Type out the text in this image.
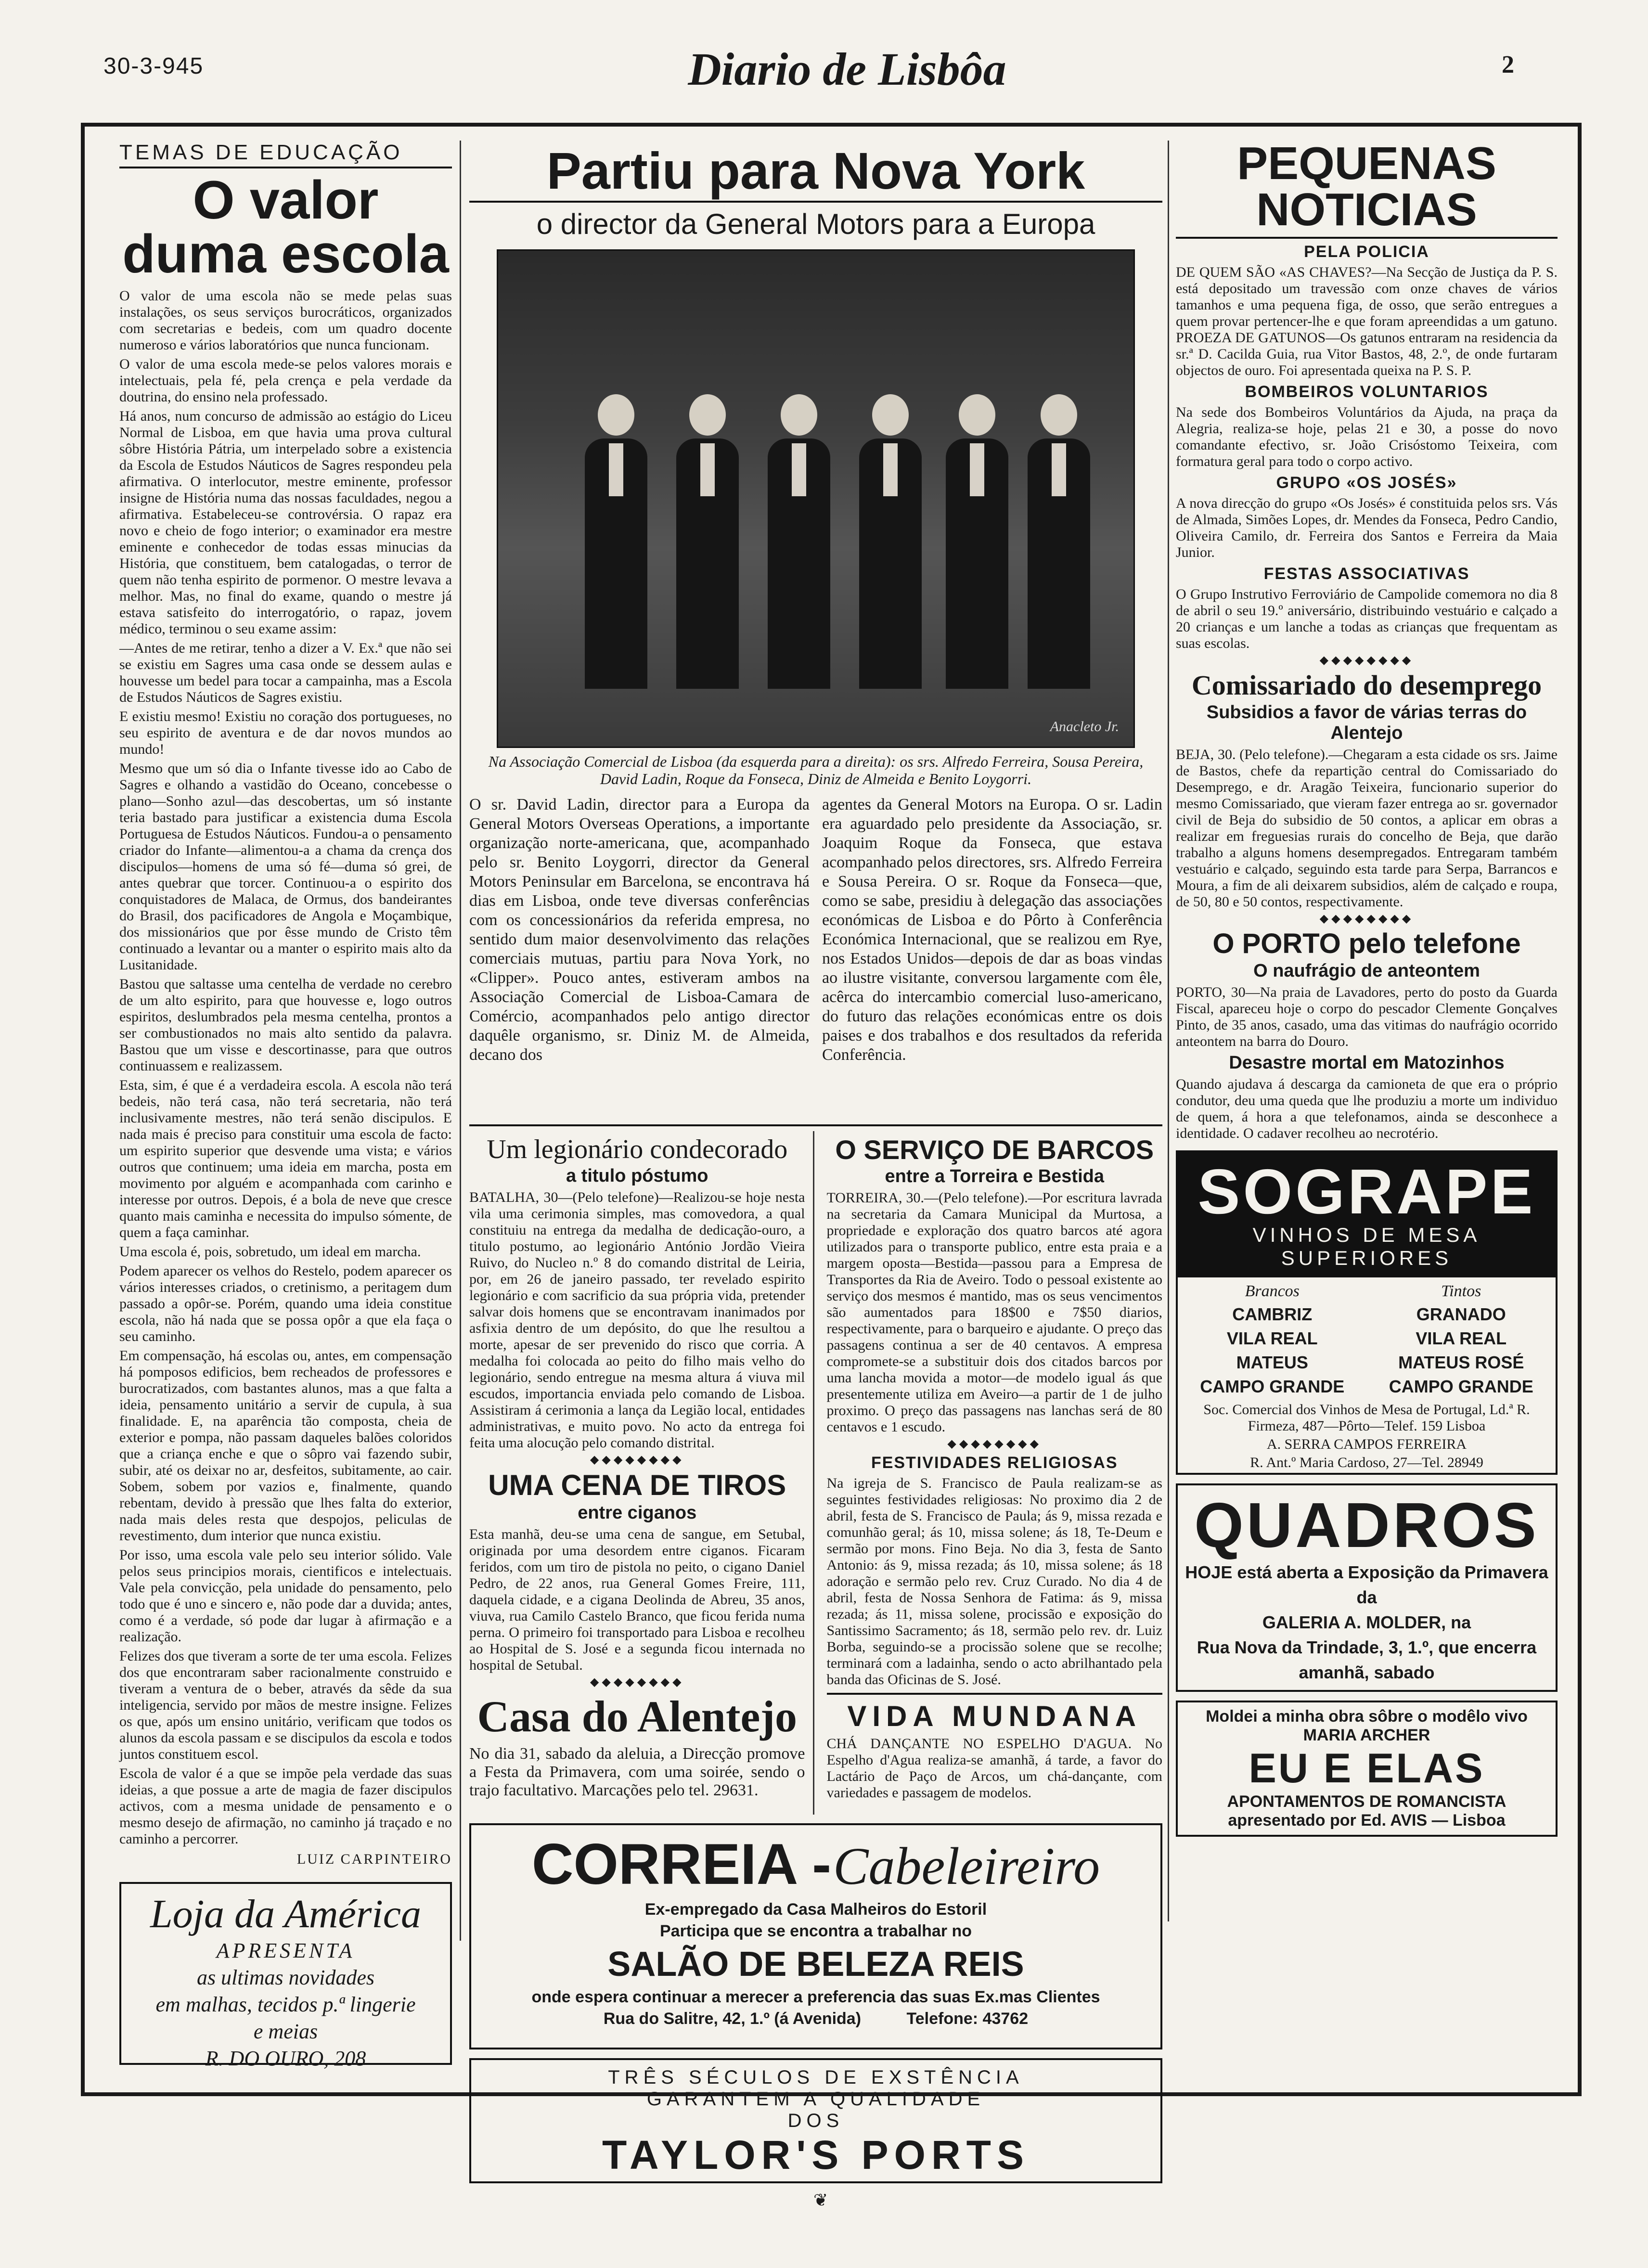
30-3-945	Diario de Lisbôa	2
TEMAS DE EDUCAÇÃO
O valor duma escola

O valor de uma escola não se mede pelas suas instalações, os seus serviços burocráticos, organizados com secretarias e bedeis, com um quadro docente numeroso e vários laboratórios que nunca funcionam.

O valor de uma escola mede-se pelos valores morais e intelectuais, pela fé, pela crença e pela verdade da doutrina, do ensino nela professado.

Há anos, num concurso de admissão ao estágio do Liceu Normal de Lisboa, em que havia uma prova cultural sôbre História Pátria, um interpelado sobre a existencia da Escola de Estudos Náuticos de Sagres respondeu pela afirmativa. O interlocutor, mestre eminente, professor insigne de História numa das nossas faculdades, negou a afirmativa. Estabeleceu-se controvérsia. O rapaz era novo e cheio de fogo interior; o examinador era mestre eminente e conhecedor de todas essas minucias da História, que constituem, bem catalogadas, o terror de quem não tenha espirito de pormenor. O mestre levava a melhor. Mas, no final do exame, quando o mestre já estava satisfeito do interrogatório, o rapaz, jovem médico, terminou o seu exame assim:

—Antes de me retirar, tenho a dizer a V. Ex.ª que não sei se existiu em Sagres uma casa onde se dessem aulas e houvesse um bedel para tocar a campainha, mas a Escola de Estudos Náuticos de Sagres existiu.

E existiu mesmo! Existiu no coração dos portugueses, no seu espirito de aventura e de dar novos mundos ao mundo!

Mesmo que um só dia o Infante tivesse ido ao Cabo de Sagres e olhando a vastidão do Oceano, concebesse o plano—Sonho azul—das descobertas, um só instante teria bastado para justificar a existencia duma Escola Portuguesa de Estudos Náuticos. Fundou-a o pensamento criador do Infante—alimentou-a a chama da crença dos discipulos—homens de uma só fé—duma só grei, de antes quebrar que torcer. Continuou-a o espirito dos conquistadores de Malaca, de Ormus, dos bandeirantes do Brasil, dos pacificadores de Angola e Moçambique, dos missionários que por êsse mundo de Cristo têm continuado a levantar ou a manter o espirito mais alto da Lusitanidade.

Bastou que saltasse uma centelha de verdade no cerebro de um alto espirito, para que houvesse e, logo outros espiritos, deslumbrados pela mesma centelha, prontos a ser combustionados no mais alto sentido da palavra. Bastou que um visse e descortinasse, para que outros continuassem e realizassem.

Esta, sim, é que é a verdadeira escola. A escola não terá bedeis, não terá casa, não terá secretaria, não terá inclusivamente mestres, não terá senão discipulos. E nada mais é preciso para constituir uma escola de facto: um espirito superior que desvende uma vista; e vários outros que continuem; uma ideia em marcha, posta em movimento por alguém e acompanhada com carinho e interesse por outros. Depois, é a bola de neve que cresce quanto mais caminha e necessita do impulso sómente, de quem a faça caminhar.

Uma escola é, pois, sobretudo, um ideal em marcha.

Podem aparecer os velhos do Restelo, podem aparecer os vários interesses criados, o cretinismo, a peritagem dum passado a opôr-se. Porém, quando uma ideia constitue escola, não há nada que se possa opôr a que ela faça o seu caminho.

Em compensação, há escolas ou, antes, em compensação há pomposos edificios, bem recheados de professores e burocratizados, com bastantes alunos, mas a que falta a ideia, pensamento unitário a servir de cupula, à sua finalidade. E, na aparência tão composta, cheia de exterior e pompa, não passam daqueles balões coloridos que a criança enche e que o sôpro vai fazendo subir, subir, até os deixar no ar, desfeitos, subitamente, ao cair. Sobem, sobem por vazios e, finalmente, quando rebentam, devido à pressão que lhes falta do exterior, nada mais deles resta que despojos, peliculas de revestimento, dum interior que nunca existiu.

Por isso, uma escola vale pelo seu interior sólido. Vale pelos seus principios morais, cientificos e intelectuais. Vale pela convicção, pela unidade do pensamento, pelo todo que é uno e sincero e, não pode dar a duvida; antes, como é a verdade, só pode dar lugar à afirmação e a realização.

Felizes dos que tiveram a sorte de ter uma escola. Felizes dos que encontraram saber racionalmente construido e tiveram a ventura de o beber, através da sêde da sua inteligencia, servido por mãos de mestre insigne. Felizes os que, após um ensino unitário, verificam que todos os alunos da escola passam e se discipulos da escola e todos juntos constituem escol.

Escola de valor é a que se impõe pela verdade das suas ideias, a que possue a arte de magia de fazer discipulos activos, com a mesma unidade de pensamento e o mesmo desejo de afirmação, no caminho já traçado e no caminho a percorrer.

LUIZ CARPINTEIRO
Loja da América
APRESENTA
as ultimas novidades
em malhas, tecidos p.ª lingerie
e meias
R. DO OURO, 208
Partiu para Nova York
o director da General Motors para a Europa
Anacleto Jr.
Na Associação Comercial de Lisboa (da esquerda para a direita): os srs. Alfredo Ferreira, Sousa Pereira, David Ladin, Roque da Fonseca, Diniz de Almeida e Benito Loygorri.

O sr. David Ladin, director para a Europa da General Motors Overseas Operations, a importante organização norte-americana, que, acompanhado pelo sr. Benito Loygorri, director da General Motors Peninsular em Barcelona, se encontrava há dias em Lisboa, onde teve diversas conferências com os concessionários da referida empresa, no sentido dum maior desenvolvimento das relações comerciais mutuas, partiu para Nova York, no «Clipper». Pouco antes, estiveram ambos na Associação Comercial de Lisboa-Camara de Comércio, acompanhados pelo antigo director daquêle organismo, sr. Diniz M. de Almeida, decano dos

agentes da General Motors na Europa. O sr. Ladin era aguardado pelo presidente da Associação, sr. Joaquim Roque da Fonseca, que estava acompanhado pelos directores, srs. Alfredo Ferreira e Sousa Pereira. O sr. Roque da Fonseca—que, como se sabe, presidiu à delegação das associações económicas de Lisboa e do Pôrto à Conferência Económica Internacional, que se realizou em Rye, nos Estados Unidos—depois de dar as boas vindas ao ilustre visitante, conversou largamente com êle, acêrca do intercambio comercial luso-americano, do futuro das relações económicas entre os dois paises e dos trabalhos e dos resultados da referida Conferência.

Um legionário condecorado
a titulo póstumo

BATALHA, 30—(Pelo telefone)—Realizou-se hoje nesta vila uma cerimonia simples, mas comovedora, a qual constituiu na entrega da medalha de dedicação-ouro, a titulo postumo, ao legionário António Jordão Vieira Ruivo, do Nucleo n.º 8 do comando distrital de Leiria, por, em 26 de janeiro passado, ter revelado espirito legionário e com sacrificio da sua própria vida, pretender salvar dois homens que se encontravam inanimados por asfixia dentro de um depósito, do que lhe resultou a morte, apesar de ser prevenido do risco que corria. A medalha foi colocada ao peito do filho mais velho do legionário, sendo entregue na mesma altura á viuva mil escudos, importancia enviada pelo comando de Lisboa. Assistiram á cerimonia a lança da Legião local, entidades administrativas, e muito povo. No acto da entrega foi feita uma alocução pelo comando distrital.

◆◆◆◆◆◆◆◆
UMA CENA DE TIROS
entre ciganos

Esta manhã, deu-se uma cena de sangue, em Setubal, originada por uma desordem entre ciganos. Ficaram feridos, com um tiro de pistola no peito, o cigano Daniel Pedro, de 22 anos, rua General Gomes Freire, 111, daquela cidade, e a cigana Deolinda de Abreu, 35 anos, viuva, rua Camilo Castelo Branco, que ficou ferida numa perna. O primeiro foi transportado para Lisboa e recolheu ao Hospital de S. José e a segunda ficou internada no hospital de Setubal.

◆◆◆◆◆◆◆◆
Casa do Alentejo

No dia 31, sabado da aleluia, a Direcção promove a Festa da Primavera, com uma soirée, sendo o trajo facultativo. Marcações pelo tel. 29631.

O SERVIÇO DE BARCOS
entre a Torreira e Bestida

TORREIRA, 30.—(Pelo telefone).—Por escritura lavrada na secretaria da Camara Municipal da Murtosa, a propriedade e exploração dos quatro barcos até agora utilizados para o transporte publico, entre esta praia e a margem oposta—Bestida—passou para a Empresa de Transportes da Ria de Aveiro. Todo o pessoal existente ao serviço dos mesmos é mantido, mas os seus vencimentos são aumentados para 18$00 e 7$50 diarios, respectivamente, para o barqueiro e ajudante. O preço das passagens continua a ser de 40 centavos. A empresa compromete-se a substituir dois dos citados barcos por uma lancha movida a motor—de modelo igual ás que presentemente utiliza em Aveiro—a partir de 1 de julho proximo. O preço das passagens nas lanchas será de 80 centavos e 1 escudo.

◆◆◆◆◆◆◆◆
FESTIVIDADES RELIGIOSAS

Na igreja de S. Francisco de Paula realizam-se as seguintes festividades religiosas: No proximo dia 2 de abril, festa de S. Francisco de Paula; ás 9, missa rezada e comunhão geral; ás 10, missa solene; ás 18, Te-Deum e sermão por mons. Fino Beja. No dia 3, festa de Santo Antonio: ás 9, missa rezada; ás 10, missa solene; ás 18 adoração e sermão pelo rev. Cruz Curado. No dia 4 de abril, festa de Nossa Senhora de Fatima: ás 9, missa rezada; ás 11, missa solene, procissão e exposição do Santissimo Sacramento; ás 18, sermão pelo rev. dr. Luiz Borba, seguindo-se a procissão solene que se recolhe; terminará com a ladainha, sendo o acto abrilhantado pela banda das Oficinas de S. José.

VIDA MUNDANA

CHÁ DANÇANTE NO ESPELHO D'AGUA. No Espelho d'Agua realiza-se amanhã, á tarde, a favor do Lactário de Paço de Arcos, um chá-dançante, com variedades e passagem de modelos.

CORREIA - Cabeleireiro
Ex-empregado da Casa Malheiros do Estoril
Participa que se encontra a trabalhar no
SALÃO DE BELEZA REIS
onde espera continuar a merecer a preferencia das suas Ex.mas Clientes
Rua do Salitre, 42, 1.º (á Avenida)          Telefone: 43762
TRÊS SÉCULOS DE EXSTÊNCIA
GARANTEM A QUALIDADE
DOS
TAYLOR'S PORTS
PEQUENAS NOTICIAS
PELA POLICIA

DE QUEM SÃO «AS CHAVES?—Na Secção de Justiça da P. S. está depositado um travessão com onze chaves de vários tamanhos e uma pequena figa, de osso, que serão entregues a quem provar pertencer-lhe e que foram apreendidas a um gatuno. PROEZA DE GATUNOS—Os gatunos entraram na residencia da sr.ª D. Cacilda Guia, rua Vitor Bastos, 48, 2.º, de onde furtaram objectos de ouro. Foi apresentada queixa na P. S. P.

BOMBEIROS VOLUNTARIOS

Na sede dos Bombeiros Voluntários da Ajuda, na praça da Alegria, realiza-se hoje, pelas 21 e 30, a posse do novo comandante efectivo, sr. João Crisóstomo Teixeira, com formatura geral para todo o corpo activo.

GRUPO «OS JOSÉS»

A nova direcção do grupo «Os Josés» é constituida pelos srs. Vás de Almada, Simões Lopes, dr. Mendes da Fonseca, Pedro Candio, Oliveira Camilo, dr. Ferreira dos Santos e Ferreira da Maia Junior.

FESTAS ASSOCIATIVAS

O Grupo Instrutivo Ferroviário de Campolide comemora no dia 8 de abril o seu 19.º aniversário, distribuindo vestuário e calçado a 20 crianças e um lanche a todas as crianças que frequentam as suas escolas.

◆◆◆◆◆◆◆◆
Comissariado do desemprego
Subsidios a favor de várias terras do Alentejo

BEJA, 30. (Pelo telefone).—Chegaram a esta cidade os srs. Jaime de Bastos, chefe da repartição central do Comissariado do Desemprego, e dr. Aragão Teixeira, funcionario superior do mesmo Comissariado, que vieram fazer entrega ao sr. governador civil de Beja do subsidio de 50 contos, a aplicar em obras a realizar em freguesias rurais do concelho de Beja, que darão trabalho a alguns homens desempregados. Entregaram também vestuário e calçado, seguindo esta tarde para Serpa, Barrancos e Moura, a fim de ali deixarem subsidios, além de calçado e roupa, de 50, 80 e 50 contos, respectivamente.

◆◆◆◆◆◆◆◆
O PORTO pelo telefone
O naufrágio de anteontem

PORTO, 30—Na praia de Lavadores, perto do posto da Guarda Fiscal, apareceu hoje o corpo do pescador Clemente Gonçalves Pinto, de 35 anos, casado, uma das vitimas do naufrágio ocorrido anteontem na barra do Douro.

Desastre mortal em Matozinhos

Quando ajudava á descarga da camioneta de que era o próprio condutor, deu uma queda que lhe produziu a morte um individuo de quem, á hora a que telefonamos, ainda se desconhece a identidade. O cadaver recolheu ao necrotério.

SOGRAPE
VINHOS DE MESA
SUPERIORES
Brancos	Tintos
CAMBRIZ	GRANADO
VILA REAL	VILA REAL
MATEUS	MATEUS ROSÉ
CAMPO GRANDE	CAMPO GRANDE

Soc. Comercial dos Vinhos de Mesa de Portugal, Ld.ª R. Firmeza, 487—Pôrto—Telef. 159 Lisboa

A. SERRA CAMPOS FERREIRA

R. Ant.º Maria Cardoso, 27—Tel. 28949

QUADROS
HOJE está aberta a Exposição da Primavera
da
GALERIA A. MOLDER, na
Rua Nova da Trindade, 3, 1.º, que encerra amanhã, sabado
Moldei a minha obra sôbre o modêlo vivo
MARIA ARCHER
EU E ELAS
APONTAMENTOS DE ROMANCISTA
apresentado por Ed. AVIS — Lisboa
❦
